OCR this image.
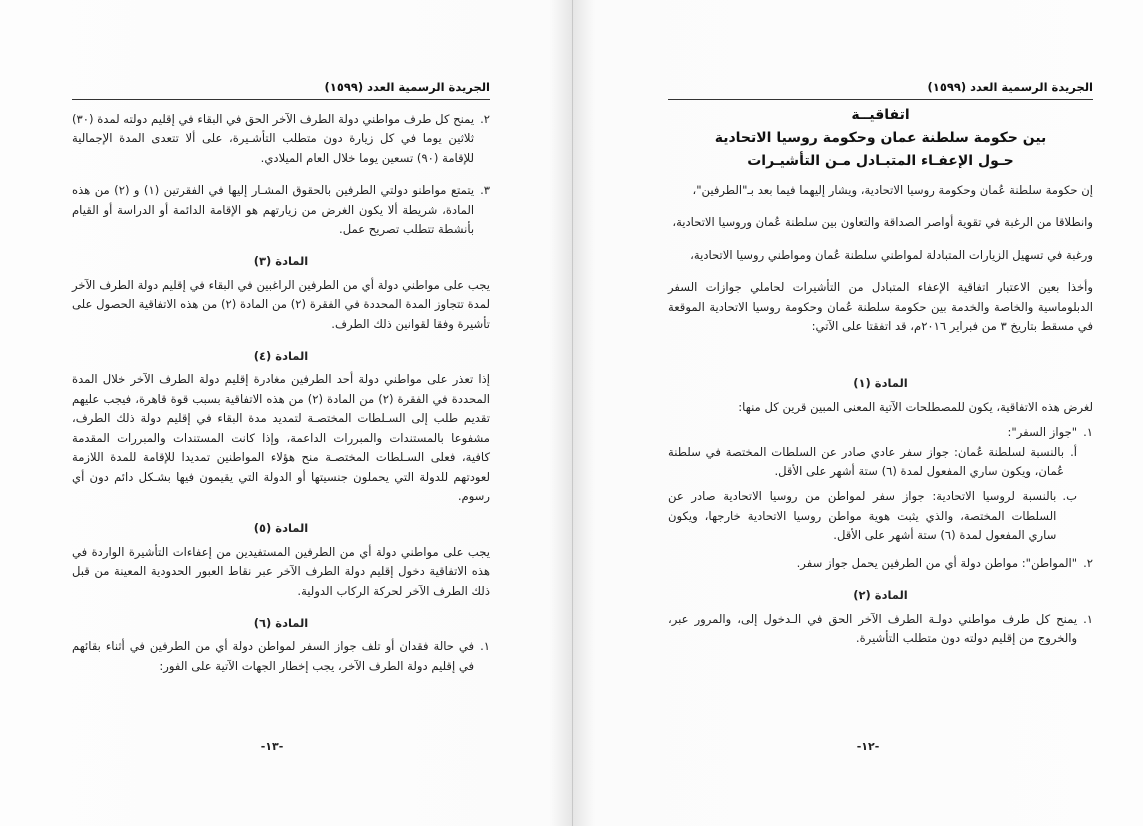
الجريدة الرسمية العدد (١٥٩٩)
٢.
يمنح كل طرف مواطني دولة الطرف الآخر الحق في البقاء في إقليم دولته لمدة (٣٠) ثلاثين يوما في كل زيارة دون متطلب التأشـيرة، على ألا تتعدى المدة الإجمالية للإقامة (٩٠) تسعين يوما خلال العام الميلادي.
٣.
يتمتع مواطنو دولتي الطرفين بالحقوق المشـار إليها في الفقرتين (١) و (٢) من هذه المادة، شريطة ألا يكون الغرض من زيارتهم هو الإقامة الدائمة أو الدراسة أو القيام بأنشطة تتطلب تصريح عمل.
المادة (٣)

يجب على مواطني دولة أي من الطرفين الراغبين في البقاء في إقليم دولة الطرف الآخر لمدة تتجاوز المدة المحددة في الفقرة (٢) من المادة (٢) من هذه الاتفاقية الحصول على تأشيرة وفقا لقوانين ذلك الطرف.

المادة (٤)

إذا تعذر على مواطني دولة أحد الطرفين مغادرة إقليم دولة الطرف الآخر خلال المدة المحددة في الفقرة (٢) من المادة (٢) من هذه الاتفاقية بسبب قوة قاهرة، فيجب عليهم تقديم طلب إلى السـلطات المختصـة لتمديد مدة البقاء في إقليم دولة ذلك الطرف، مشفوعا بالمستندات والمبررات الداعمة، وإذا كانت المستندات والمبررات المقدمة كافية، فعلى السـلطات المختصـة منح هؤلاء المواطنين تمديدا للإقامة للمدة اللازمة لعودتهم للدولة التي يحملون جنسيتها أو الدولة التي يقيمون فيها بشـكل دائم دون أي رسوم.

المادة (٥)

يجب على مواطني دولة أي من الطرفين المستفيدين من إعفاءات التأشيرة الواردة في هذه الاتفاقية دخول إقليم دولة الطرف الآخر عبر نقاط العبور الحدودية المعينة من قبل ذلك الطرف الآخر لحركة الركاب الدولية.

المادة (٦)
١.
في حالة فقدان أو تلف جواز السفر لمواطن دولة أي من الطرفين في أثناء بقائهم في إقليم دولة الطرف الآخر، يجب إخطار الجهات الآتية على الفور:
-١٣-
الجريدة الرسمية العدد (١٥٩٩)
اتفاقيــة
بين حكومة سلطنة عمان وحكومة روسيا الاتحادية
حـول الإعفـاء المتبـادل مـن التأشيـرات

إن حكومة سلطنة عُمان وحكومة روسيا الاتحادية، ويشار إليهما فيما بعد بـ"الطرفين"،

وانطلاقا من الرغبة في تقوية أواصر الصداقة والتعاون بين سلطنة عُمان وروسيا الاتحادية،

ورغبة في تسهيل الزيارات المتبادلة لمواطني سلطنة عُمان ومواطني روسيا الاتحادية،

وأخذا بعين الاعتبار اتفاقية الإعفاء المتبادل من التأشيرات لحاملي جوازات السفر الدبلوماسية والخاصة والخدمة بين حكومة سلطنة عُمان وحكومة روسيا الاتحادية الموقعة في مسقط بتاريخ ٣ من فبراير ٢٠١٦م، قد اتفقتا على الآتي:

المادة (١)

لغرض هذه الاتفاقية، يكون للمصطلحات الآتية المعنى المبين قرين كل منها:

١.
"جواز السفر":
أ.
بالنسبة لسلطنة عُمان: جواز سفر عادي صادر عن السلطات المختصة في سلطنة عُمان، ويكون ساري المفعول لمدة (٦) ستة أشهر على الأقل.
ب.
بالنسبة لروسيا الاتحادية: جواز سفر لمواطن من روسيا الاتحادية صادر عن السلطات المختصة، والذي يثبت هوية مواطن روسيا الاتحادية خارجها، ويكون ساري المفعول لمدة (٦) ستة أشهر على الأقل.
٢.
"المواطن": مواطن دولة أي من الطرفين يحمل جواز سفر.
المادة (٢)
١.
يمنح كل طرف مواطني دولـة الطرف الآخر الحق في الـدخول إلى، والمرور عبر، والخروج من إقليم دولته دون متطلب التأشيرة.
-١٢-
